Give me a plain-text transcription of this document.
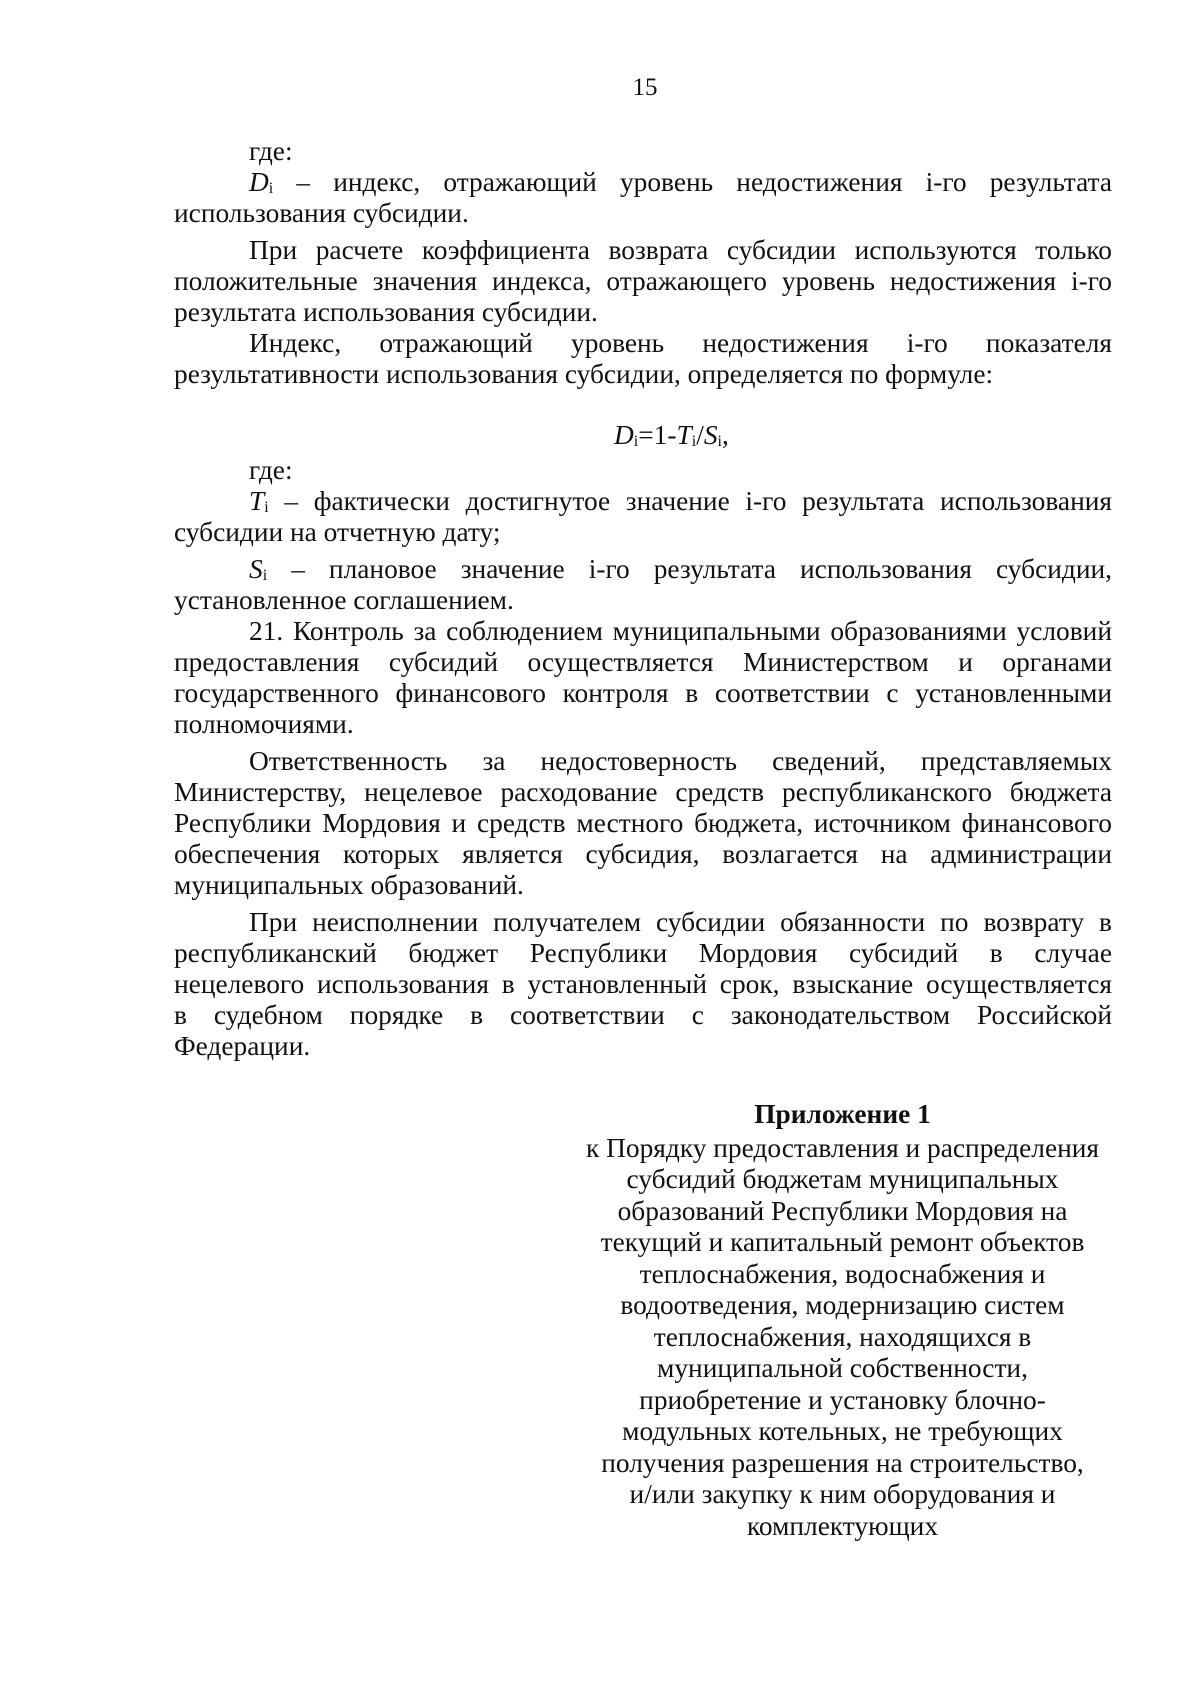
15
где:
$D_i$ – индекс, отражающий уровень недостижения i-го результата
использования субсидии.
При расчете коэффициента возврата субсидии используются только
положительные значения индекса, отражающего уровень недостижения i-го
результата использования субсидии.
Индекс, отражающий уровень недостижения i-го показателя
результативности использования субсидии, определяется по формуле:
$D_i=1-T_i/S_i$,
где:
$T_i$ – фактически достигнутое значение i-го результата использования
субсидии на отчетную дату;
$S_i$ – плановое значение i-го результата использования субсидии,
установленное соглашением.
21. Контроль за соблюдением муниципальными образованиями условий
предоставления субсидий осуществляется Министерством и органами
государственного финансового контроля в соответствии с установленными
полномочиями.
Ответственность за недостоверность сведений, представляемых
Министерству, нецелевое расходование средств республиканского бюджета
Республики Мордовия и средств местного бюджета, источником финансового
обеспечения которых является субсидия, возлагается на администрации
муниципальных образований.
При неисполнении получателем субсидии обязанности по возврату в
республиканский бюджет Республики Мордовия субсидий в случае
нецелевого использования в установленный срок, взыскание осуществляется
в судебном порядке в соответствии с законодательством Российской
Федерации.
Приложение 1
к Порядку предоставления и распределения
субсидий бюджетам муниципальных
образований Республики Мордовия на
текущий и капитальный ремонт объектов
теплоснабжения, водоснабжения и
водоотведения, модернизацию систем
теплоснабжения, находящихся в
муниципальной собственности,
приобретение и установку блочно-
модульных котельных, не требующих
получения разрешения на строительство,
и/или закупку к ним оборудования и
комплектующих
